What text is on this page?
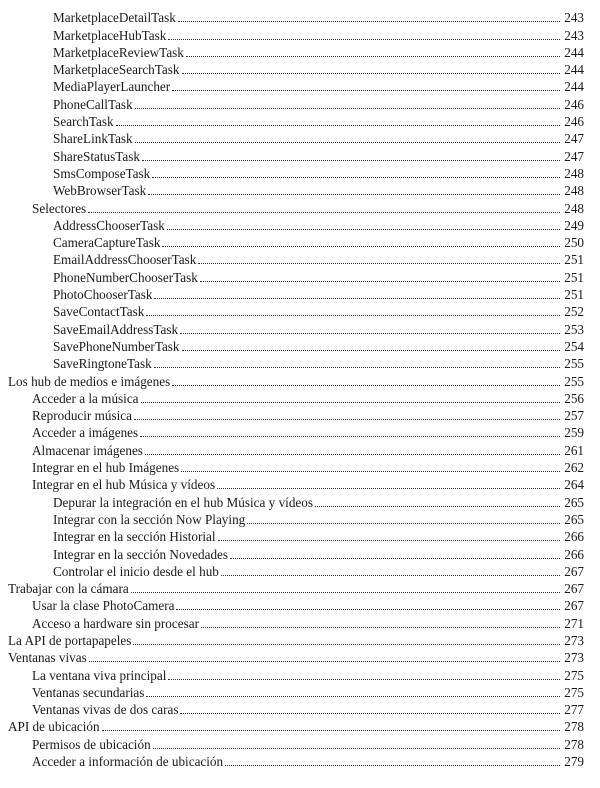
MarketplaceDetailTask	243
MarketplaceHubTask	243
MarketplaceReviewTask	244
MarketplaceSearchTask	244
MediaPlayerLauncher	244
PhoneCallTask	246
SearchTask	246
ShareLinkTask	247
ShareStatusTask	247
SmsComposeTask	248
WebBrowserTask	248
Selectores	248
AddressChooserTask	249
CameraCaptureTask	250
EmailAddressChooserTask	251
PhoneNumberChooserTask	251
PhotoChooserTask	251
SaveContactTask	252
SaveEmailAddressTask	253
SavePhoneNumberTask	254
SaveRingtoneTask	255
Los hub de medios e imágenes	255
Acceder a la música	256
Reproducir música	257
Acceder a imágenes	259
Almacenar imágenes	261
Integrar en el hub Imágenes	262
Integrar en el hub Música y vídeos	264
Depurar la integración en el hub Música y vídeos	265
Integrar con la sección Now Playing	265
Integrar en la sección Historial	266
Integrar en la sección Novedades	266
Controlar el inicio desde el hub	267
Trabajar con la cámara	267
Usar la clase PhotoCamera	267
Acceso a hardware sin procesar	271
La API de portapapeles	273
Ventanas vivas	273
La ventana viva principal	275
Ventanas secundarias	275
Ventanas vivas de dos caras	277
API de ubicación	278
Permisos de ubicación	278
Acceder a información de ubicación	279
